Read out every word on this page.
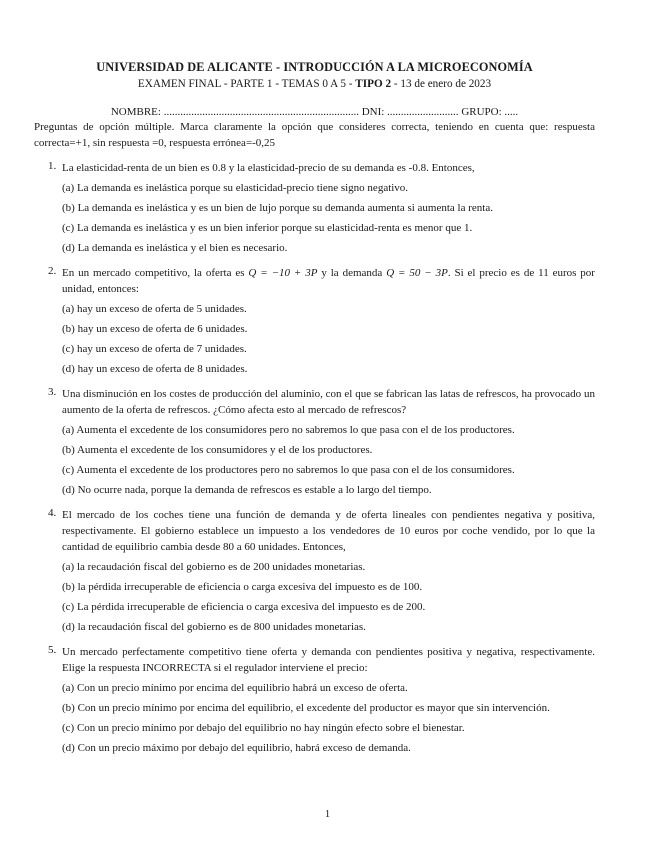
UNIVERSIDAD DE ALICANTE - INTRODUCCIÓN A LA MICROECONOMÍA
EXAMEN FINAL - PARTE 1 - TEMAS 0 A 5 - TIPO 2 - 13 de enero de 2023
NOMBRE: ....................................................................... DNI: .......................... GRUPO: .....
Preguntas de opción múltiple. Marca claramente la opción que consideres correcta, teniendo en cuenta que: respuesta correcta=+1, sin respuesta =0, respuesta errónea=-0,25
1. La elasticidad-renta de un bien es 0.8 y la elasticidad-precio de su demanda es -0.8. Entonces,
(a) La demanda es inelástica porque su elasticidad-precio tiene signo negativo.
(b) La demanda es inelástica y es un bien de lujo porque su demanda aumenta si aumenta la renta.
(c) La demanda es inelástica y es un bien inferior porque su elasticidad-renta es menor que 1.
(d) La demanda es inelástica y el bien es necesario.
2. En un mercado competitivo, la oferta es Q = −10 + 3P y la demanda Q = 50 − 3P. Si el precio es de 11 euros por unidad, entonces:
(a) hay un exceso de oferta de 5 unidades.
(b) hay un exceso de oferta de 6 unidades.
(c) hay un exceso de oferta de 7 unidades.
(d) hay un exceso de oferta de 8 unidades.
3. Una disminución en los costes de producción del aluminio, con el que se fabrican las latas de refrescos, ha provocado un aumento de la oferta de refrescos. ¿Cómo afecta esto al mercado de refrescos?
(a) Aumenta el excedente de los consumidores pero no sabremos lo que pasa con el de los productores.
(b) Aumenta el excedente de los consumidores y el de los productores.
(c) Aumenta el excedente de los productores pero no sabremos lo que pasa con el de los consumidores.
(d) No ocurre nada, porque la demanda de refrescos es estable a lo largo del tiempo.
4. El mercado de los coches tiene una función de demanda y de oferta lineales con pendientes negativa y positiva, respectivamente. El gobierno establece un impuesto a los vendedores de 10 euros por coche vendido, por lo que la cantidad de equilibrio cambia desde 80 a 60 unidades. Entonces,
(a) la recaudación fiscal del gobierno es de 200 unidades monetarias.
(b) la pérdida irrecuperable de eficiencia o carga excesiva del impuesto es de 100.
(c) La pérdida irrecuperable de eficiencia o carga excesiva del impuesto es de 200.
(d) la recaudación fiscal del gobierno es de 800 unidades monetarias.
5. Un mercado perfectamente competitivo tiene oferta y demanda con pendientes positiva y negativa, respectivamente. Elige la respuesta INCORRECTA si el regulador interviene el precio:
(a) Con un precio mínimo por encima del equilibrio habrá un exceso de oferta.
(b) Con un precio mínimo por encima del equilibrio, el excedente del productor es mayor que sin intervención.
(c) Con un precio mínimo por debajo del equilibrio no hay ningún efecto sobre el bienestar.
(d) Con un precio máximo por debajo del equilibrio, habrá exceso de demanda.
1
